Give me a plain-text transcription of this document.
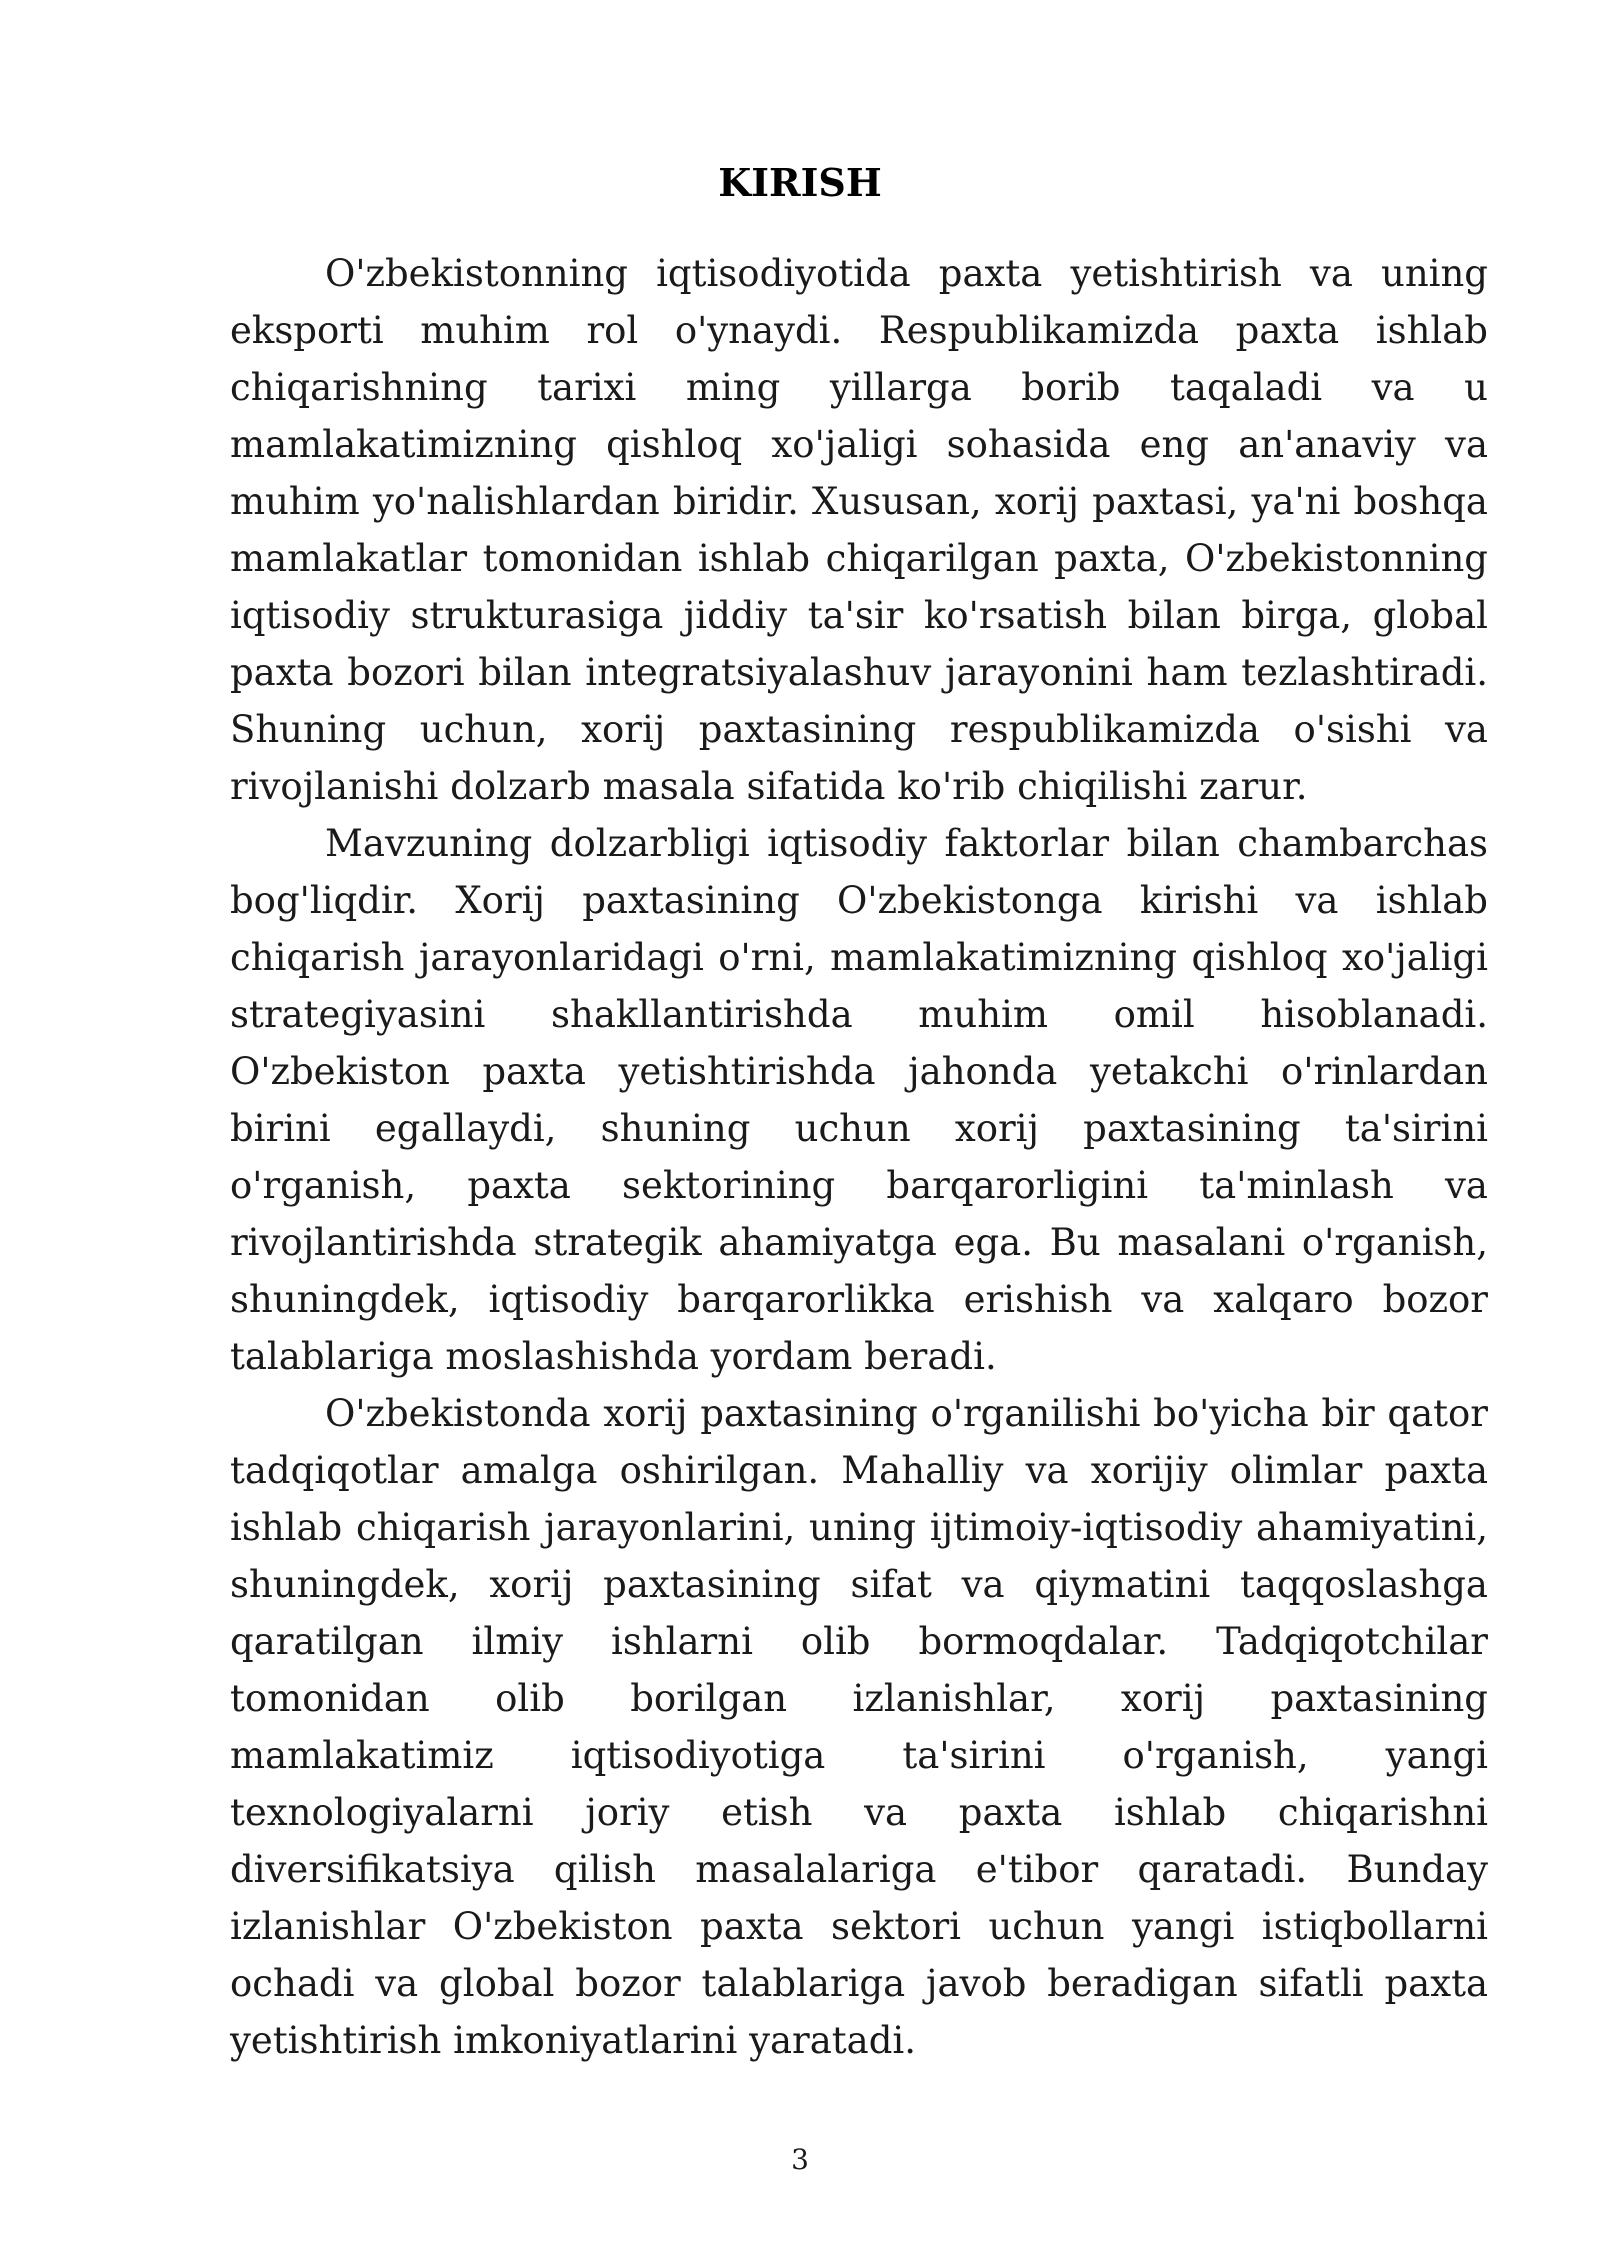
KIRISH

O'zbekistonning iqtisodiyotida paxta yetishtirish va uning eksporti muhim rol o'ynaydi. Respublikamizda paxta ishlab chiqarishning tarixi ming yillarga borib taqaladi va u mamlakatimizning qishloq xo'jaligi sohasida eng an'anaviy va muhim yo'nalishlardan biridir. Xususan, xorij paxtasi, ya'ni boshqa mamlakatlar tomonidan ishlab chiqarilgan paxta, O'zbekistonning iqtisodiy strukturasiga jiddiy ta'sir ko'rsatish bilan birga, global paxta bozori bilan integratsiyalashuv jarayonini ham tezlashtiradi. Shuning uchun, xorij paxtasining respublikamizda o'sishi va rivojlanishi dolzarb masala sifatida ko'rib chiqilishi zarur.

Mavzuning dolzarbligi iqtisodiy faktorlar bilan chambarchas bog'liqdir. Xorij paxtasining O'zbekistonga kirishi va ishlab chiqarish jarayonlaridagi o'rni, mamlakatimizning qishloq xo'jaligi strategiyasini shakllantirishda muhim omil hisoblanadi. O'zbekiston paxta yetishtirishda jahonda yetakchi o'rinlardan birini egallaydi, shuning uchun xorij paxtasining ta'sirini o'rganish, paxta sektorining barqarorligini ta'minlash va rivojlantirishda strategik ahamiyatga ega. Bu masalani o'rganish, shuningdek, iqtisodiy barqarorlikka erishish va xalqaro bozor talablariga moslashishda yordam beradi.

O'zbekistonda xorij paxtasining o'rganilishi bo'yicha bir qator tadqiqotlar amalga oshirilgan. Mahalliy va xorijiy olimlar paxta ishlab chiqarish jarayonlarini, uning ijtimoiy-iqtisodiy ahamiyatini, shuningdek, xorij paxtasining sifat va qiymatini taqqoslashga qaratilgan ilmiy ishlarni olib bormoqdalar. Tadqiqotchilar tomonidan olib borilgan izlanishlar, xorij paxtasining mamlakatimiz iqtisodiyotiga ta'sirini o'rganish, yangi texnologiyalarni joriy etish va paxta ishlab chiqarishni diversifikatsiya qilish masalalariga e'tibor qaratadi. Bunday izlanishlar O'zbekiston paxta sektori uchun yangi istiqbollarni ochadi va global bozor talablariga javob beradigan sifatli paxta yetishtirish imkoniyatlarini yaratadi.

3
